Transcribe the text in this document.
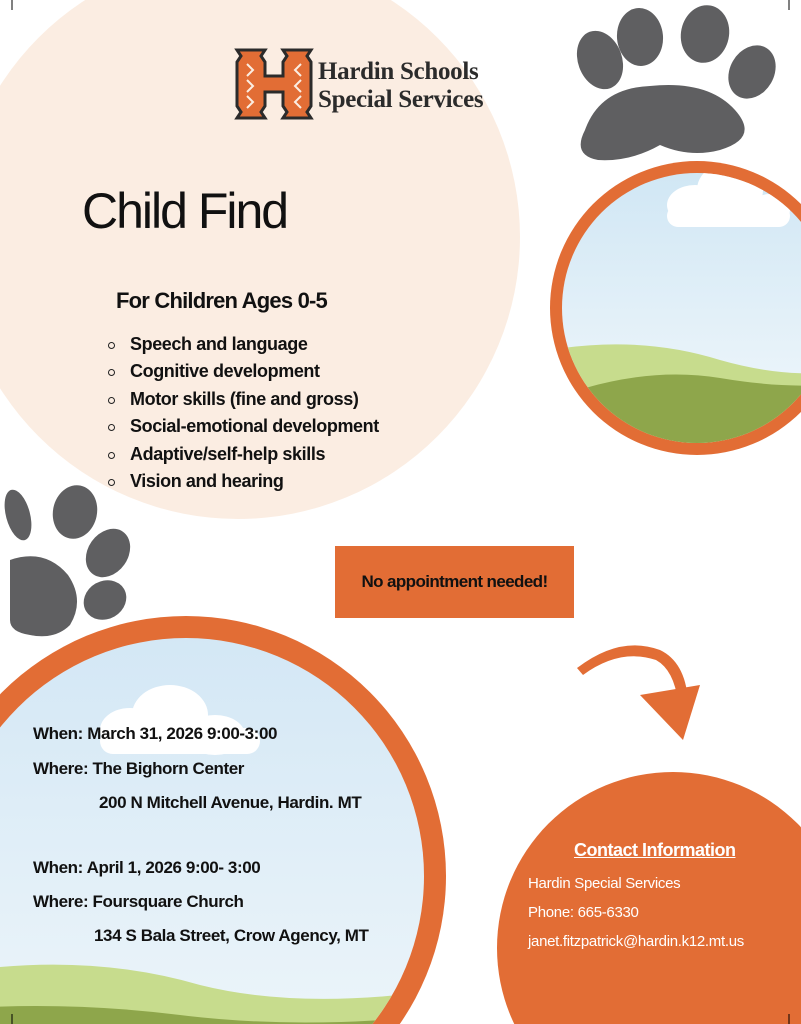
Hardin Schools
Special Services
Child Find
For Children Ages 0-5
Speech and language
Cognitive development
Motor skills (fine and gross)
Social-emotional development
Adaptive/self-help skills
Vision and hearing
No appointment needed!
When: March 31, 2026 9:00-3:00
Where: The Bighorn Center
200 N Mitchell Avenue, Hardin. MT
When: April 1, 2026 9:00- 3:00
Where: Foursquare Church
134 S Bala Street, Crow Agency, MT
Contact Information
Hardin Special Services
Phone: 665-6330
janet.fitzpatrick@hardin.k12.mt.us
